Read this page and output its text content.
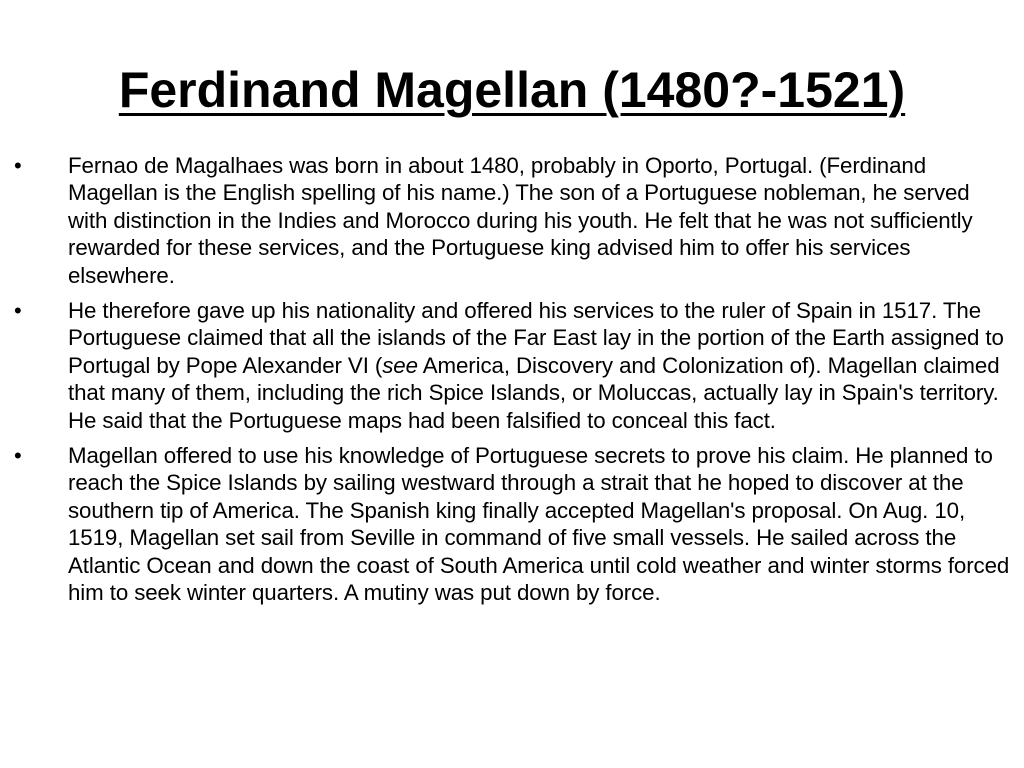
Ferdinand Magellan (1480?-1521)
• Fernao de Magalhaes was born in about 1480, probably in Oporto, Portugal. (Ferdinand Magellan is the English spelling of his name.) The son of a Portuguese nobleman, he served with distinction in the Indies and Morocco during his youth. He felt that he was not sufficiently rewarded for these services, and the Portuguese king advised him to offer his services elsewhere.
• He therefore gave up his nationality and offered his services to the ruler of Spain in 1517. The Portuguese claimed that all the islands of the Far East lay in the portion of the Earth assigned to Portugal by Pope Alexander VI (see America, Discovery and Colonization of). Magellan claimed that many of them, including the rich Spice Islands, or Moluccas, actually lay in Spain's territory. He said that the Portuguese maps had been falsified to conceal this fact.
• Magellan offered to use his knowledge of Portuguese secrets to prove his claim. He planned to reach the Spice Islands by sailing westward through a strait that he hoped to discover at the southern tip of America. The Spanish king finally accepted Magellan's proposal. On Aug. 10, 1519, Magellan set sail from Seville in command of five small vessels. He sailed across the Atlantic Ocean and down the coast of South America until cold weather and winter storms forced him to seek winter quarters. A mutiny was put down by force.
